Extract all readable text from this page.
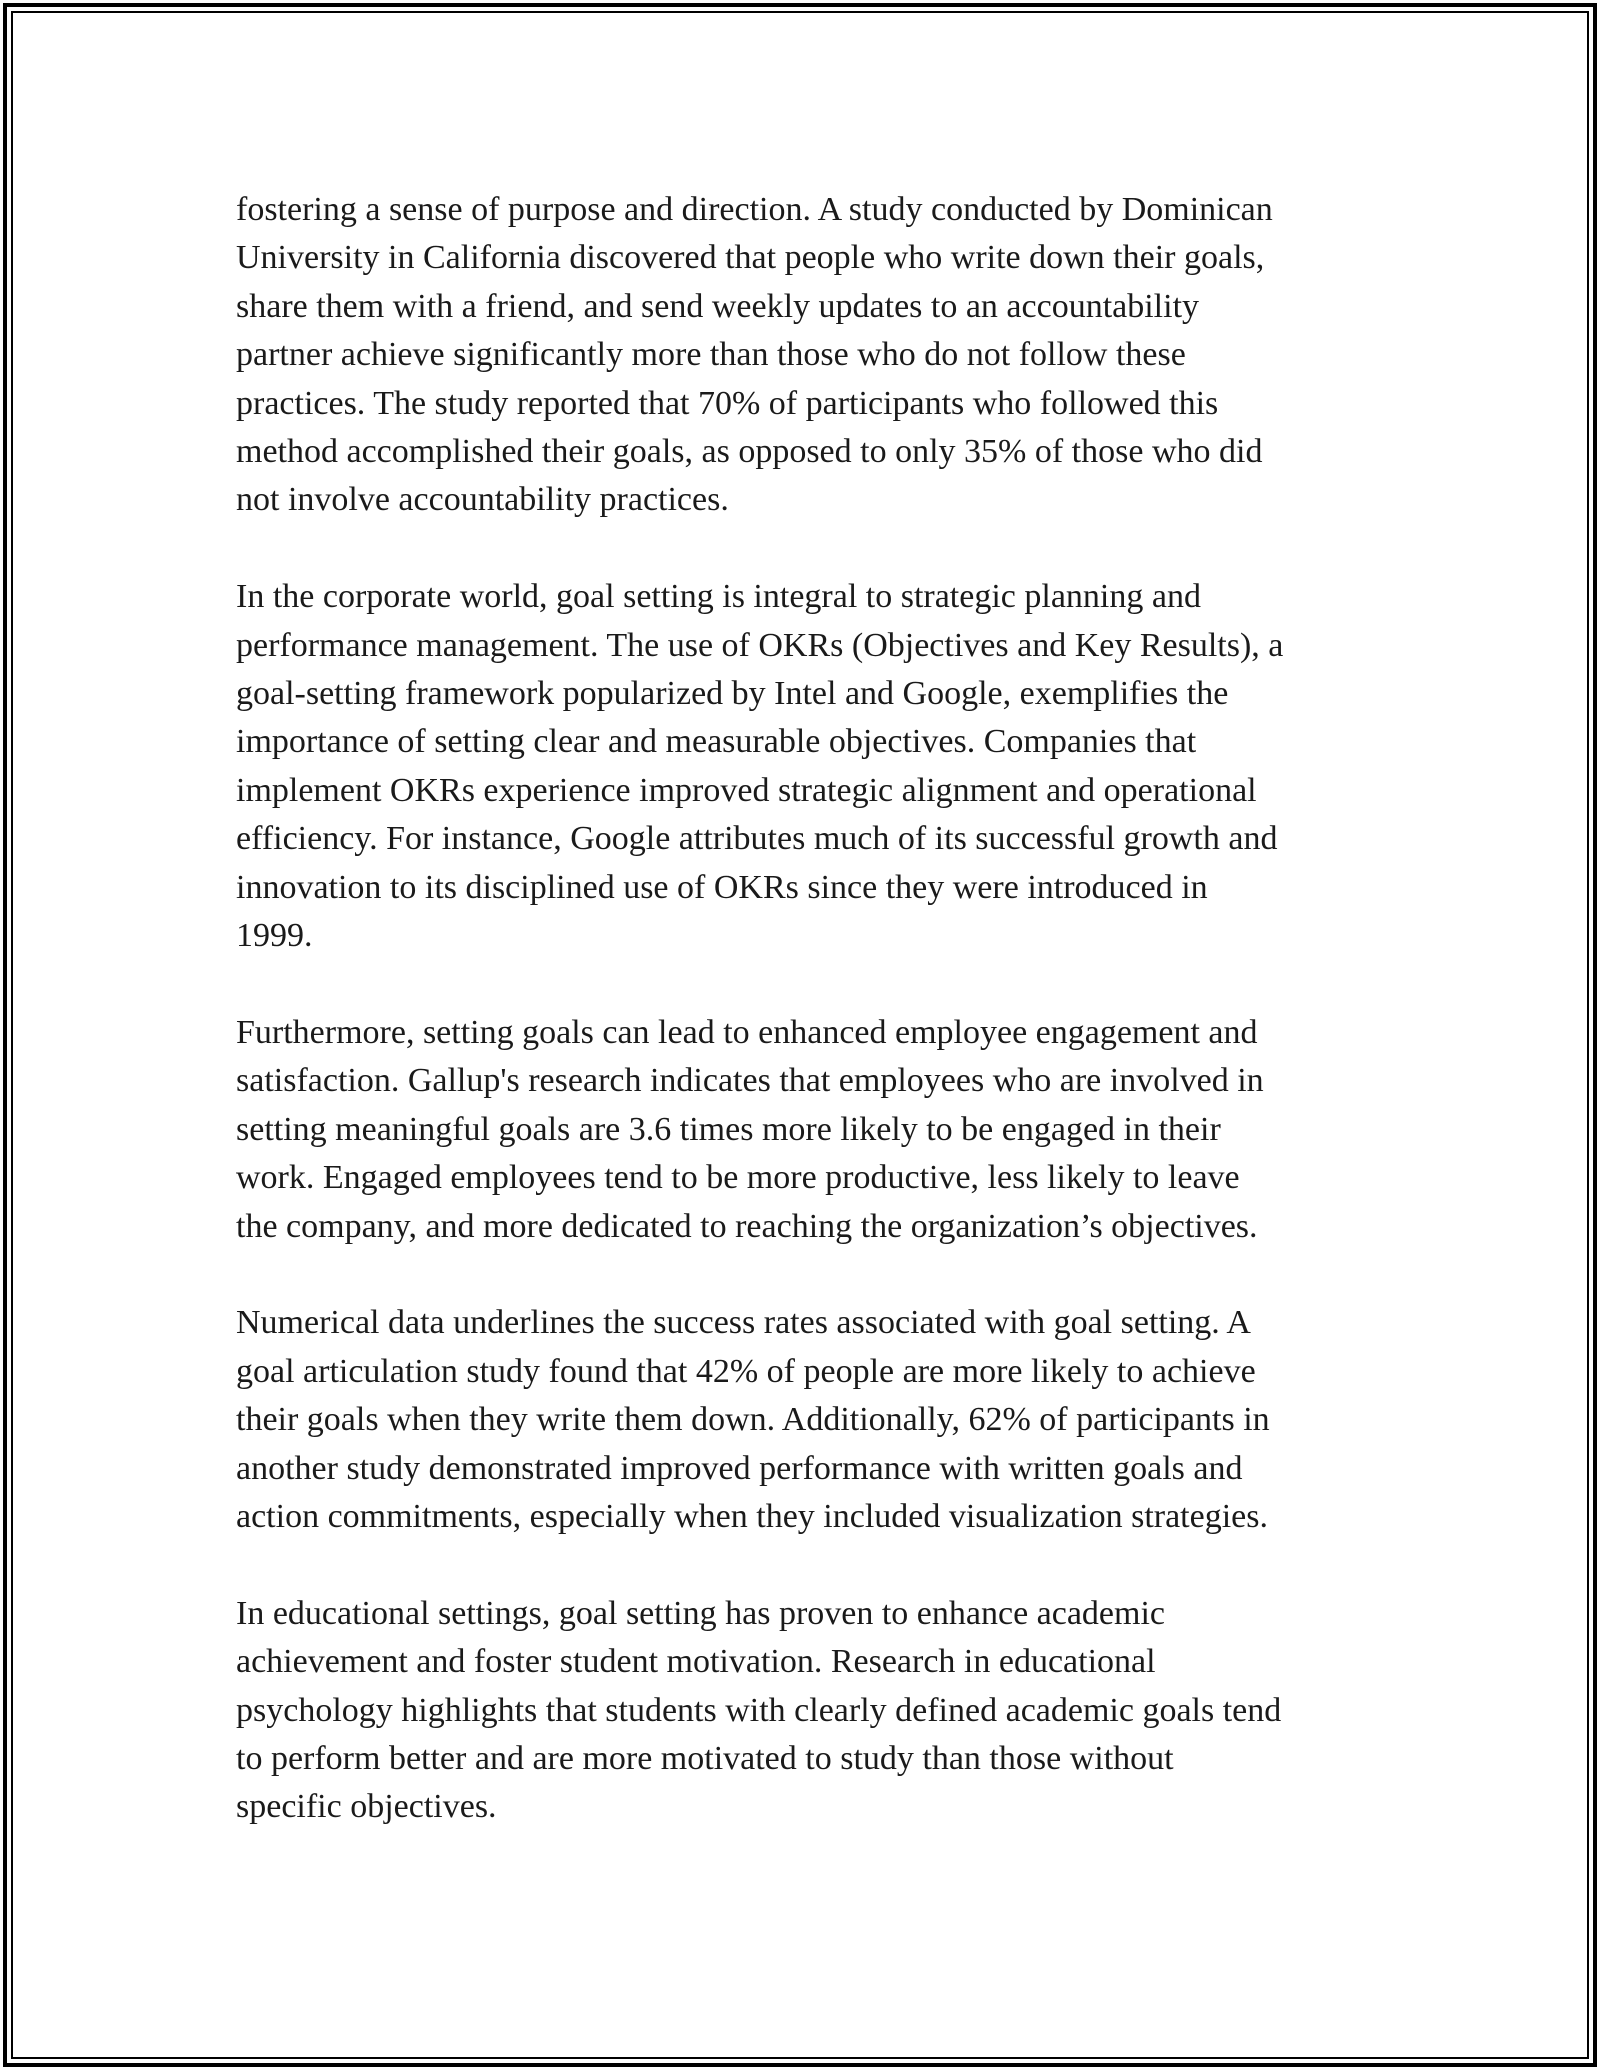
fostering a sense of purpose and direction. A study conducted by Dominican
University in California discovered that people who write down their goals,
share them with a friend, and send weekly updates to an accountability
partner achieve significantly more than those who do not follow these
practices. The study reported that 70% of participants who followed this
method accomplished their goals, as opposed to only 35% of those who did
not involve accountability practices.

In the corporate world, goal setting is integral to strategic planning and
performance management. The use of OKRs (Objectives and Key Results), a
goal-setting framework popularized by Intel and Google, exemplifies the
importance of setting clear and measurable objectives. Companies that
implement OKRs experience improved strategic alignment and operational
efficiency. For instance, Google attributes much of its successful growth and
innovation to its disciplined use of OKRs since they were introduced in
1999.

Furthermore, setting goals can lead to enhanced employee engagement and
satisfaction. Gallup's research indicates that employees who are involved in
setting meaningful goals are 3.6 times more likely to be engaged in their
work. Engaged employees tend to be more productive, less likely to leave
the company, and more dedicated to reaching the organization’s objectives.

Numerical data underlines the success rates associated with goal setting. A
goal articulation study found that 42% of people are more likely to achieve
their goals when they write them down. Additionally, 62% of participants in
another study demonstrated improved performance with written goals and
action commitments, especially when they included visualization strategies.

In educational settings, goal setting has proven to enhance academic
achievement and foster student motivation. Research in educational
psychology highlights that students with clearly defined academic goals tend
to perform better and are more motivated to study than those without
specific objectives.
